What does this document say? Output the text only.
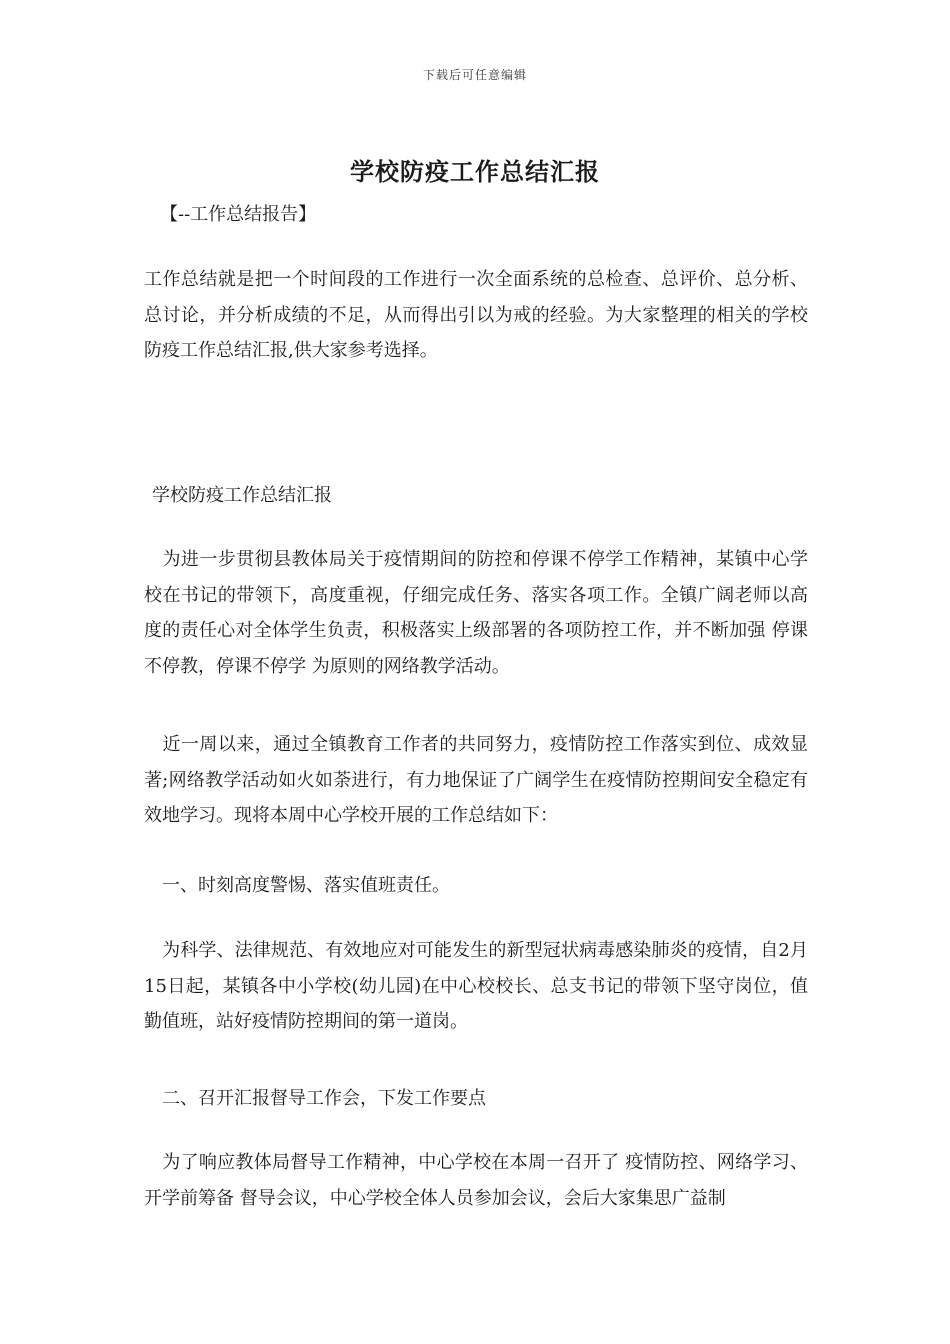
下载后可任意编辑
学校防疫工作总结汇报
【--工作总结报告】

工作总结就是把一个时间段的工作进行一次全面系统的总检查、总评价、总分析、总讨论，并分析成绩的不足，从而得出引以为戒的经验。为大家整理的相关的学校防疫工作总结汇报,供大家参考选择。

学校防疫工作总结汇报

　为进一步贯彻县教体局关于疫情期间的防控和停课不停学工作精神，某镇中心学校在书记的带领下，高度重视，仔细完成任务、落实各项工作。全镇广阔老师以高度的责任心对全体学生负责，积极落实上级部署的各项防控工作，并不断加强 停课不停教，停课不停学 为原则的网络教学活动。

　近一周以来，通过全镇教育工作者的共同努力，疫情防控工作落实到位、成效显著;网络教学活动如火如荼进行，有力地保证了广阔学生在疫情防控期间安全稳定有效地学习。现将本周中心学校开展的工作总结如下：

一、时刻高度警惕、落实值班责任。

　为科学、法律规范、有效地应对可能发生的新型冠状病毒感染肺炎的疫情，自2月15日起，某镇各中小学校(幼儿园)在中心校校长、总支书记的带领下坚守岗位，值勤值班，站好疫情防控期间的第一道岗。

二、召开汇报督导工作会，下发工作要点

　为了响应教体局督导工作精神，中心学校在本周一召开了 疫情防控、网络学习、开学前筹备 督导会议，中心学校全体人员参加会议，会后大家集思广益制
